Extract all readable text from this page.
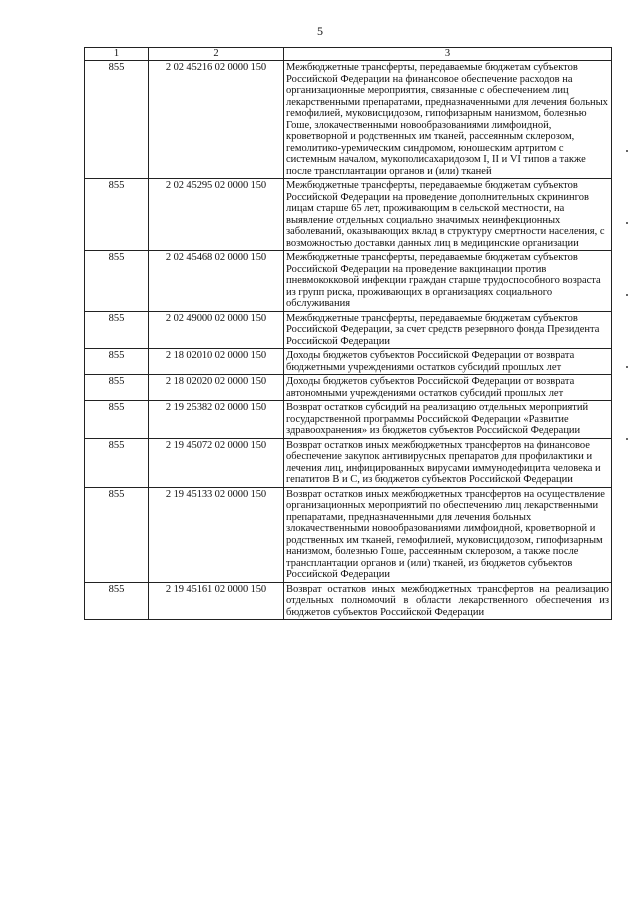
5
1	2	3
855	2 02 45216 02 0000 150	Межбюджетные трансферты, передаваемые бюджетам субъектов Российской Федерации на финансовое обеспечение расходов на организационные мероприятия, связанные с обеспечением лиц лекарственными препаратами, предназначенными для лечения больных гемофилией, муковисцидозом, гипофизарным нанизмом, болезнью Гоше, злокачественными новообразованиями лимфоидной, кроветворной и родственных им тканей, рассеянным склерозом, гемолитико-уремическим синдромом, юношеским артритом с системным началом, мукополисахаридозом I, II и VI типов а также после трансплантации органов и (или) тканей
855	2 02 45295 02 0000 150	Межбюджетные трансферты, передаваемые бюджетам субъектов Российской Федерации на проведение дополнительных скринингов лицам старше 65 лет, проживающим в сельской местности, на выявление отдельных социально значимых неинфекционных заболеваний, оказывающих вклад в структуру смертности населения, с возможностью доставки данных лиц в медицинские организации
855	2 02 45468 02 0000 150	Межбюджетные трансферты, передаваемые бюджетам субъектов Российской Федерации на проведение вакцинации против пневмококковой инфекции граждан старше трудоспособного возраста из групп риска, проживающих в организациях социального обслуживания
855	2 02 49000 02 0000 150	Межбюджетные трансферты, передаваемые бюджетам субъектов Российской Федерации, за счет средств резервного фонда Президента Российской Федерации
855	2 18 02010 02 0000 150	Доходы бюджетов субъектов Российской Федерации от возврата бюджетными учреждениями остатков субсидий прошлых лет
855	2 18 02020 02 0000 150	Доходы бюджетов субъектов Российской Федерации от возврата автономными учреждениями остатков субсидий прошлых лет
855	2 19 25382 02 0000 150	Возврат остатков субсидий на реализацию отдельных мероприятий государственной программы Российской Федерации «Развитие здравоохранения» из бюджетов субъектов Российской Федерации
855	2 19 45072 02 0000 150	Возврат остатков иных межбюджетных трансфертов на финансовое обеспечение закупок антивирусных препаратов для профилактики и лечения лиц, инфицированных вирусами иммунодефицита человека и гепатитов В и С, из бюджетов субъектов Российской Федерации
855	2 19 45133 02 0000 150	Возврат остатков иных межбюджетных трансфертов на осуществление организационных мероприятий по обеспечению лиц лекарственными препаратами, предназначенными для лечения больных злокачественными новообразованиями лимфоидной, кроветворной и родственных им тканей, гемофилией, муковисцидозом, гипофизарным нанизмом, болезнью Гоше, рассеянным склерозом, а также после трансплантации органов и (или) тканей, из бюджетов субъектов Российской Федерации
855	2 19 45161 02 0000 150	Возврат остатков иных межбюджетных трансфертов на реализацию отдельных полномочий в области лекарственного обеспечения из бюджетов субъектов Российской Федерации
